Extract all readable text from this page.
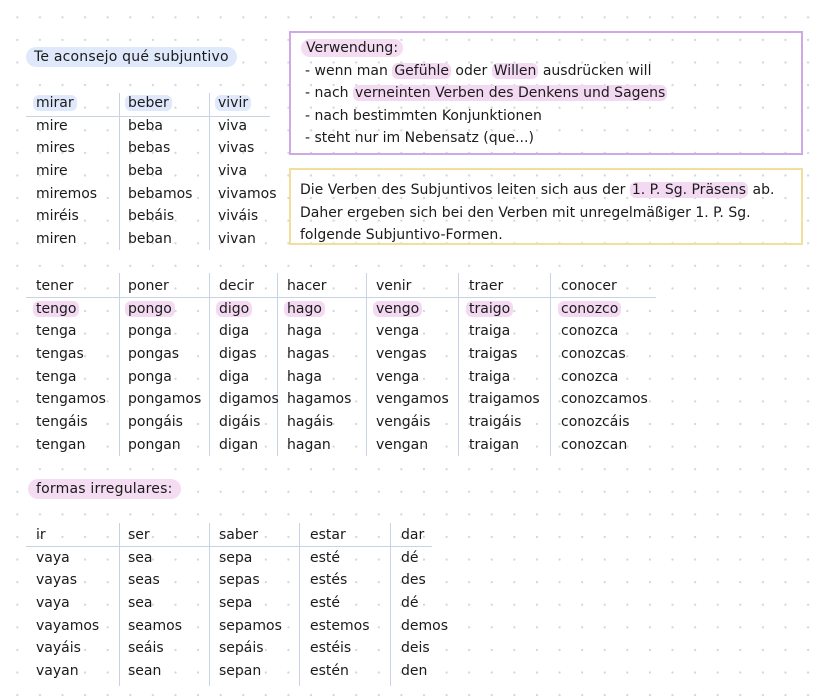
Te aconsejo qué subjuntivo
Verwendung:
- wenn man Gefühle oder Willen ausdrücken will
- nach verneinten Verben des Denkens und Sagens
- nach bestimmten Konjunktionen
- steht nur im Nebensatz (que...)
Die Verben des Subjuntivos leiten sich aus der 1. P. Sg. Präsens ab.
Daher ergeben sich bei den Verben mit unregelmäßiger 1. P. Sg.
folgende Subjuntivo-Formen.
mirar
mire
mires
mire
miremos
miréis
miren
beber
beba
bebas
beba
bebamos
bebáis
beban
vivir
viva
vivas
viva
vivamos
viváis
vivan
tener
tengo
tenga
tengas
tenga
tengamos
tengáis
tengan
poner
pongo
ponga
pongas
ponga
pongamos
pongáis
pongan
decir
digo
diga
digas
diga
digamos
digáis
digan
hacer
hago
haga
hagas
haga
hagamos
hagáis
hagan
venir
vengo
venga
vengas
venga
vengamos
vengáis
vengan
traer
traigo
traiga
traigas
traiga
traigamos
traigáis
traigan
conocer
conozco
conozca
conozcas
conozca
conozcamos
conozcáis
conozcan
formas irregulares:
ir
vaya
vayas
vaya
vayamos
vayáis
vayan
ser
sea
seas
sea
seamos
seáis
sean
saber
sepa
sepas
sepa
sepamos
sepáis
sepan
estar
esté
estés
esté
estemos
estéis
estén
dar
dé
des
dé
demos
deis
den
